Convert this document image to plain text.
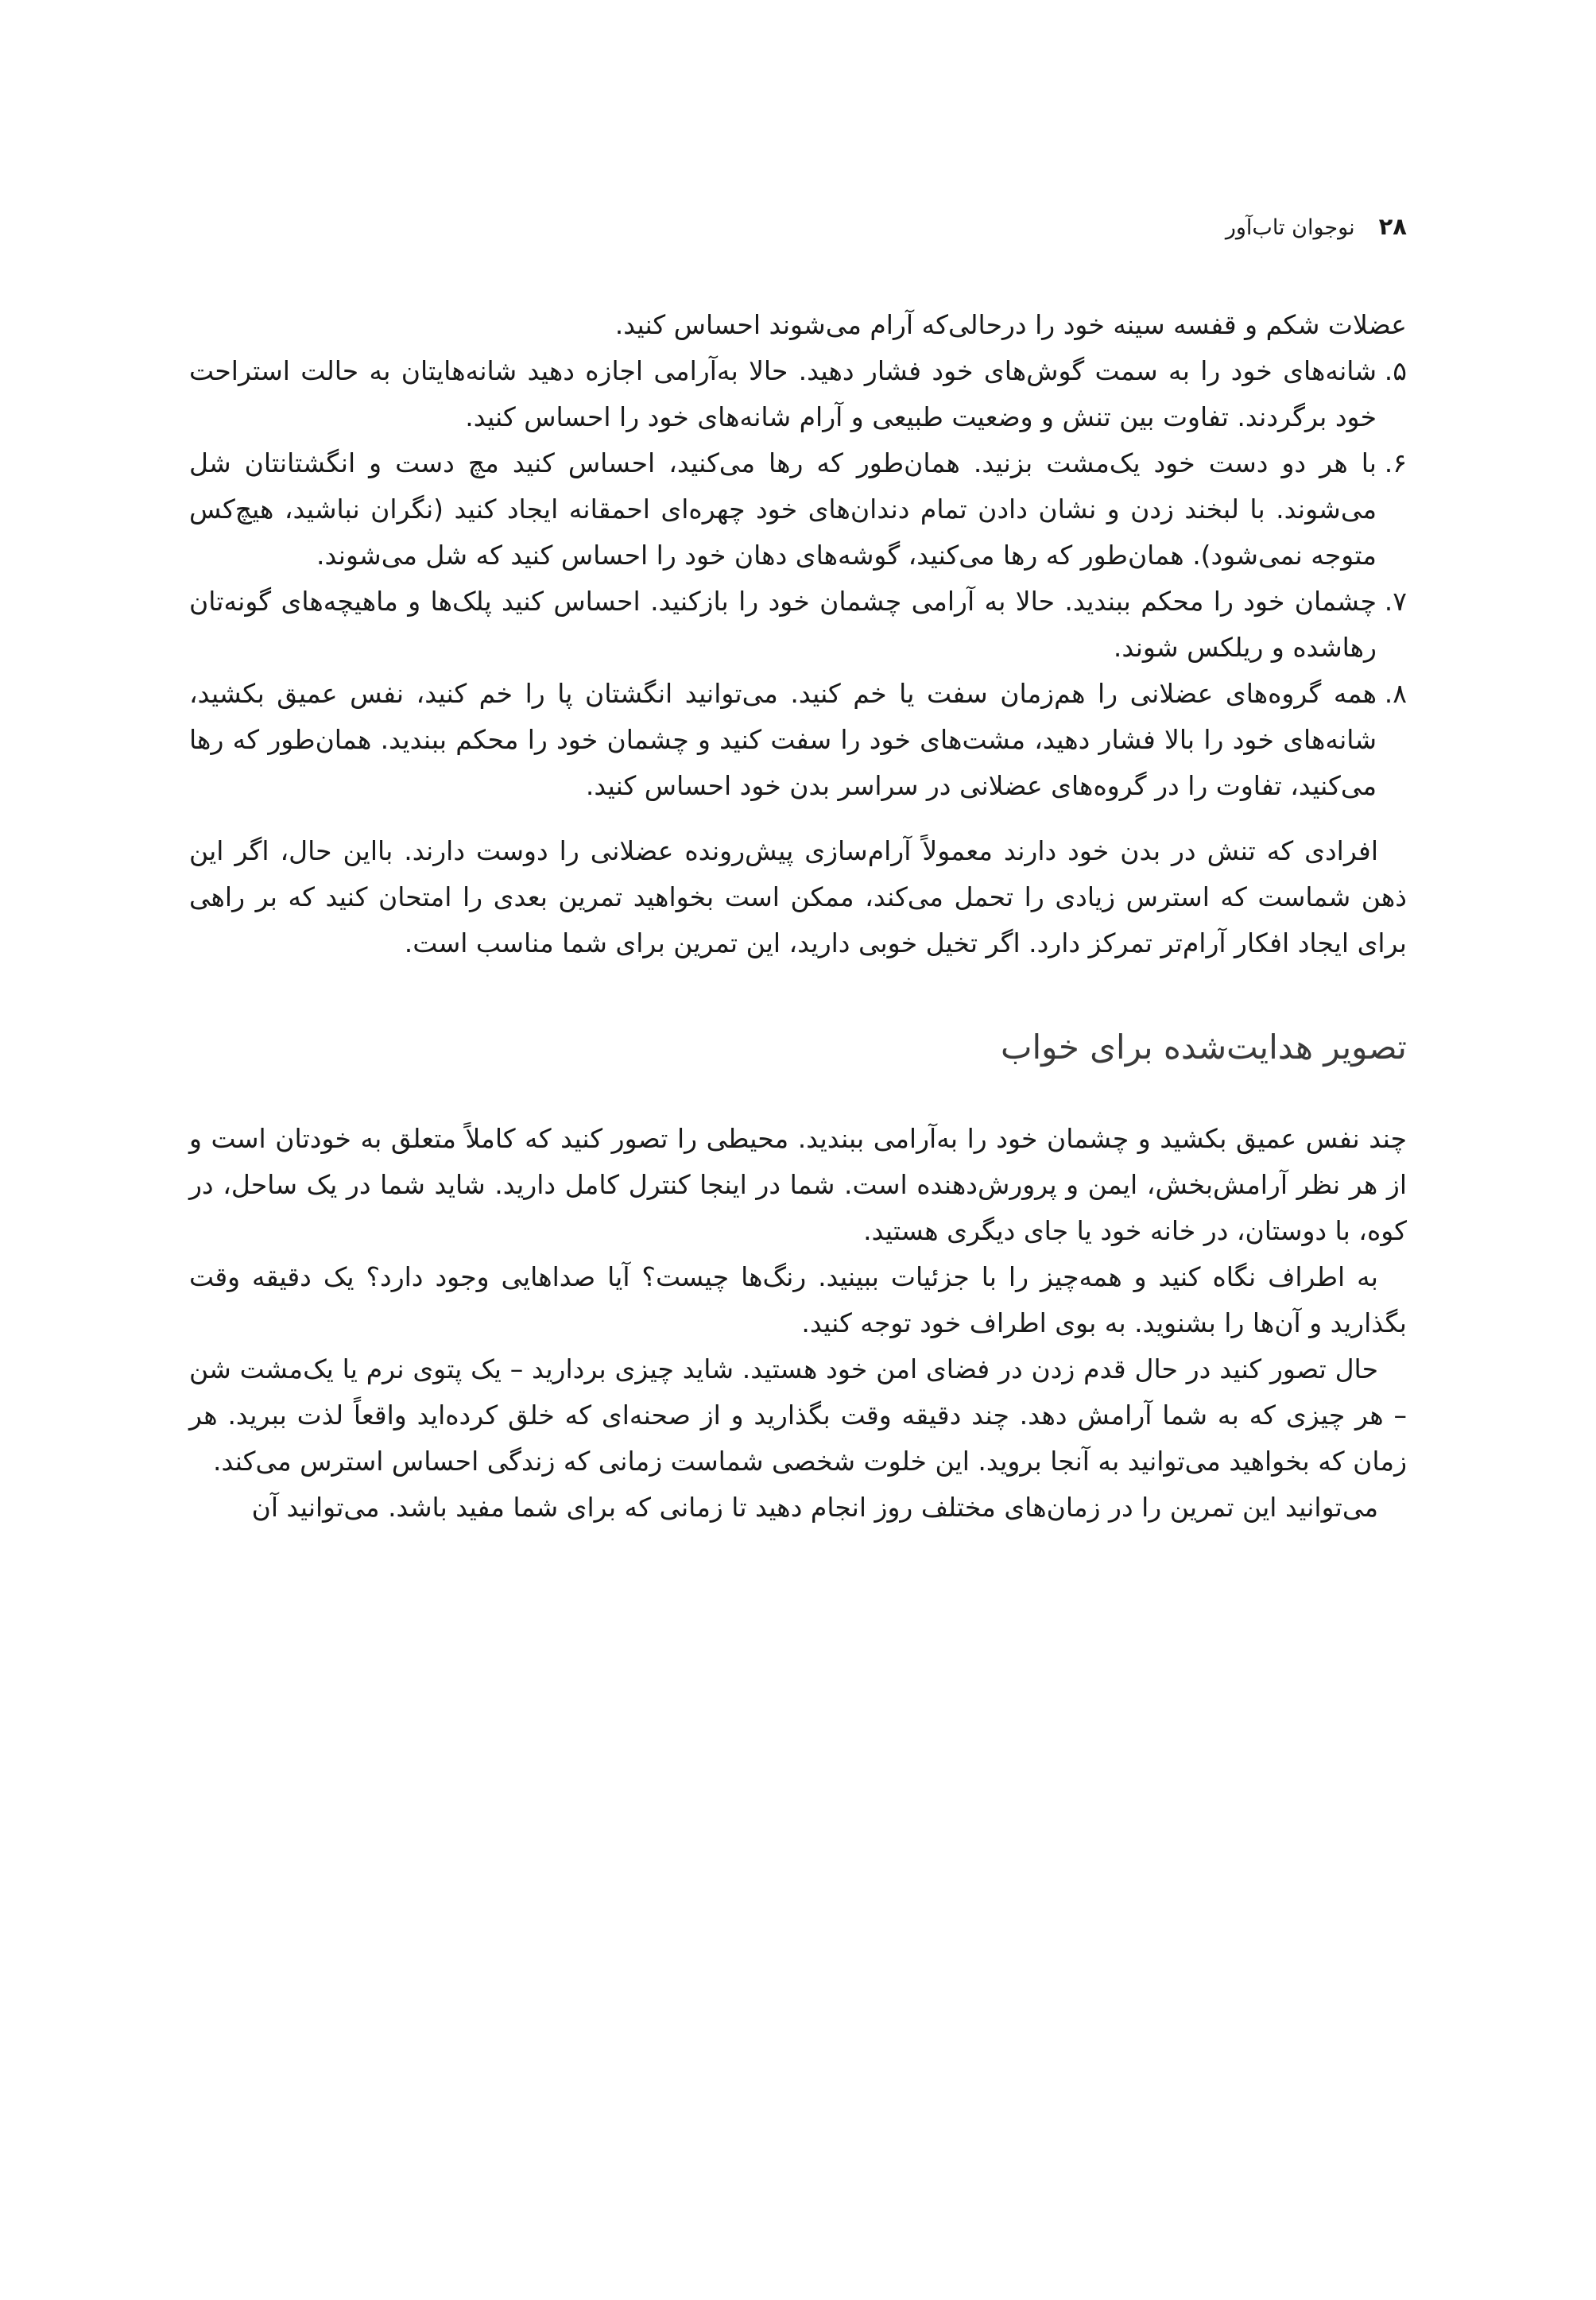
۲۸
نوجوان تاب‌آور

عضلات شکم و قفسه سینه خود را درحالی‌که آرام می‌شوند احساس کنید.

۵.
شانه‌های خود را به سمت گوش‌های خود فشار دهید. حالا به‌آرامی اجازه دهید شانه‌هایتان به حالت استراحت خود برگردند. تفاوت بین تنش و وضعیت طبیعی و آرام شانه‌های خود را احساس کنید.
۶.
با هر دو دست خود یک‌مشت بزنید. همان‌طور که رها می‌کنید، احساس کنید مچ دست و انگشتانتان شل می‌شوند. با لبخند زدن و نشان دادن تمام دندان‌های خود چهره‌ای احمقانه ایجاد کنید (نگران نباشید، هیچ‌کس متوجه نمی‌شود). همان‌طور که رها می‌کنید، گوشه‌های دهان خود را احساس کنید که شل می‌شوند.
۷.
چشمان خود را محکم ببندید. حالا به آرامی چشمان خود را بازکنید. احساس کنید پلک‌ها و ماهیچه‌های گونه‌تان رهاشده و ریلکس شوند.
۸.
همه گروه‌های عضلانی را هم‌زمان سفت یا خم کنید. می‌توانید انگشتان پا را خم کنید، نفس عمیق بکشید، شانه‌های خود را بالا فشار دهید، مشت‌های خود را سفت کنید و چشمان خود را محکم ببندید. همان‌طور که رها می‌کنید، تفاوت را در گروه‌های عضلانی در سراسر بدن خود احساس کنید.

افرادی که تنش در بدن خود دارند معمولاً آرام‌سازی پیش‌رونده عضلانی را دوست دارند. بااین حال، اگر این ذهن شماست که استرس زیادی را تحمل می‌کند، ممکن است بخواهید تمرین بعدی را امتحان کنید که بر راهی برای ایجاد افکار آرام‌تر تمرکز دارد. اگر تخیل خوبی دارید، این تمرین برای شما مناسب است.

تصویر هدایت‌شده برای خواب

چند نفس عمیق بکشید و چشمان خود را به‌آرامی ببندید. محیطی را تصور کنید که کاملاً متعلق به خودتان است و از هر نظر آرامش‌بخش، ایمن و پرورش‌دهنده است. شما در اینجا کنترل کامل دارید. شاید شما در یک ساحل، در کوه، با دوستان، در خانه خود یا جای دیگری هستید.

به اطراف نگاه کنید و همه‌چیز را با جزئیات ببینید. رنگ‌ها چیست؟ آیا صداهایی وجود دارد؟ یک دقیقه وقت بگذارید و آن‌ها را بشنوید. به بوی اطراف خود توجه کنید.

حال تصور کنید در حال قدم زدن در فضای امن خود هستید. شاید چیزی بردارید – یک پتوی نرم یا یک‌مشت شن – هر چیزی که به شما آرامش دهد. چند دقیقه وقت بگذارید و از صحنه‌ای که خلق کرده‌اید واقعاً لذت ببرید. هر زمان که بخواهید می‌توانید به آنجا بروید. این خلوت شخصی شماست زمانی که زندگی احساس استرس می‌کند.

می‌توانید این تمرین را در زمان‌های مختلف روز انجام دهید تا زمانی که برای شما مفید باشد. می‌توانید آن
